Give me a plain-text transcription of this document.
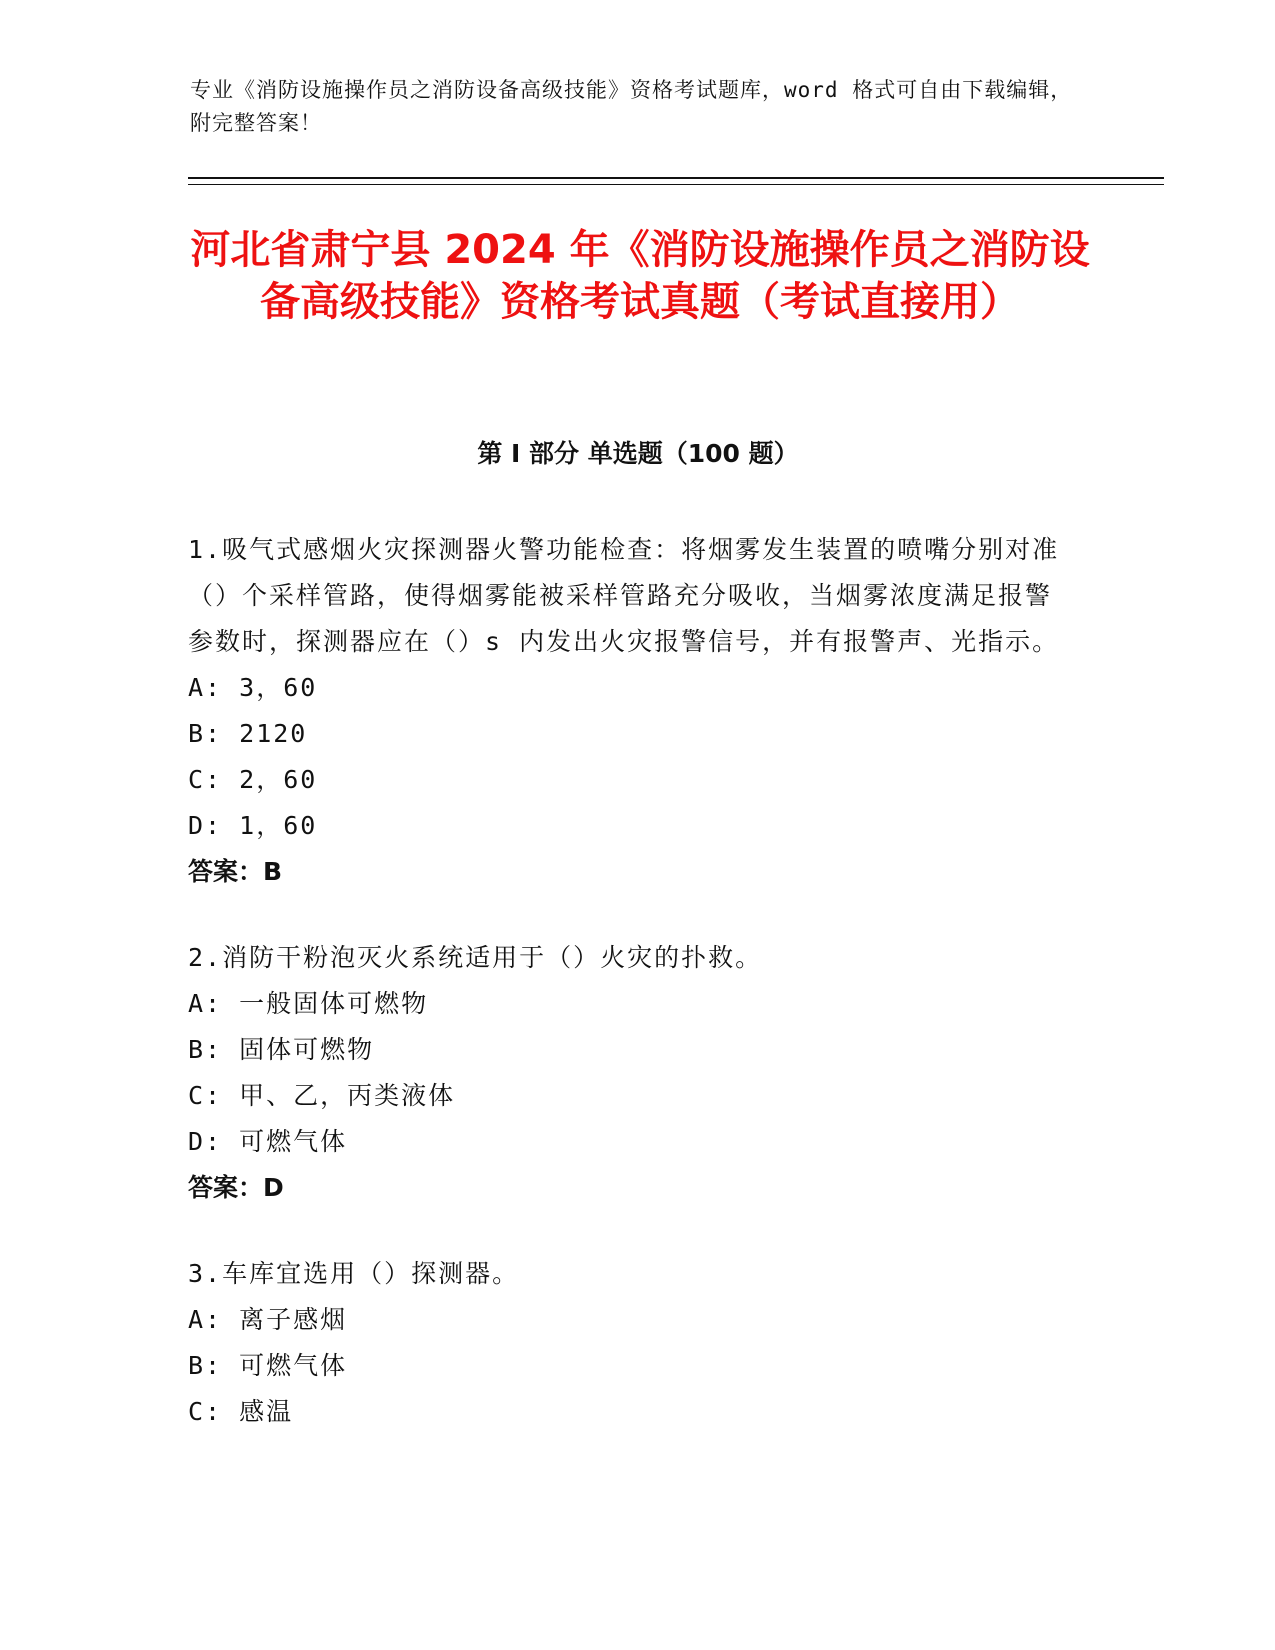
专业《消防设施操作员之消防设备高级技能》资格考试题库，word 格式可自由下载编辑，附完整答案！
河北省肃宁县 2024 年《消防设施操作员之消防设备高级技能》资格考试真题（考试直接用）
第 I 部分 单选题（100 题）
1.吸气式感烟火灾探测器火警功能检查：将烟雾发生装置的喷嘴分别对准（）个采样管路，使得烟雾能被采样管路充分吸收，当烟雾浓度满足报警参数时，探测器应在（）s 内发出火灾报警信号，并有报警声、光指示。
A: 3，60
B: 2120
C: 2，60
D: 1，60
答案：B
2.消防干粉泡灭火系统适用于（）火灾的扑救。
A: 一般固体可燃物
B: 固体可燃物
C: 甲、乙，丙类液体
D: 可燃气体
答案：D
3.车库宜选用（）探测器。
A: 离子感烟
B: 可燃气体
C: 感温
